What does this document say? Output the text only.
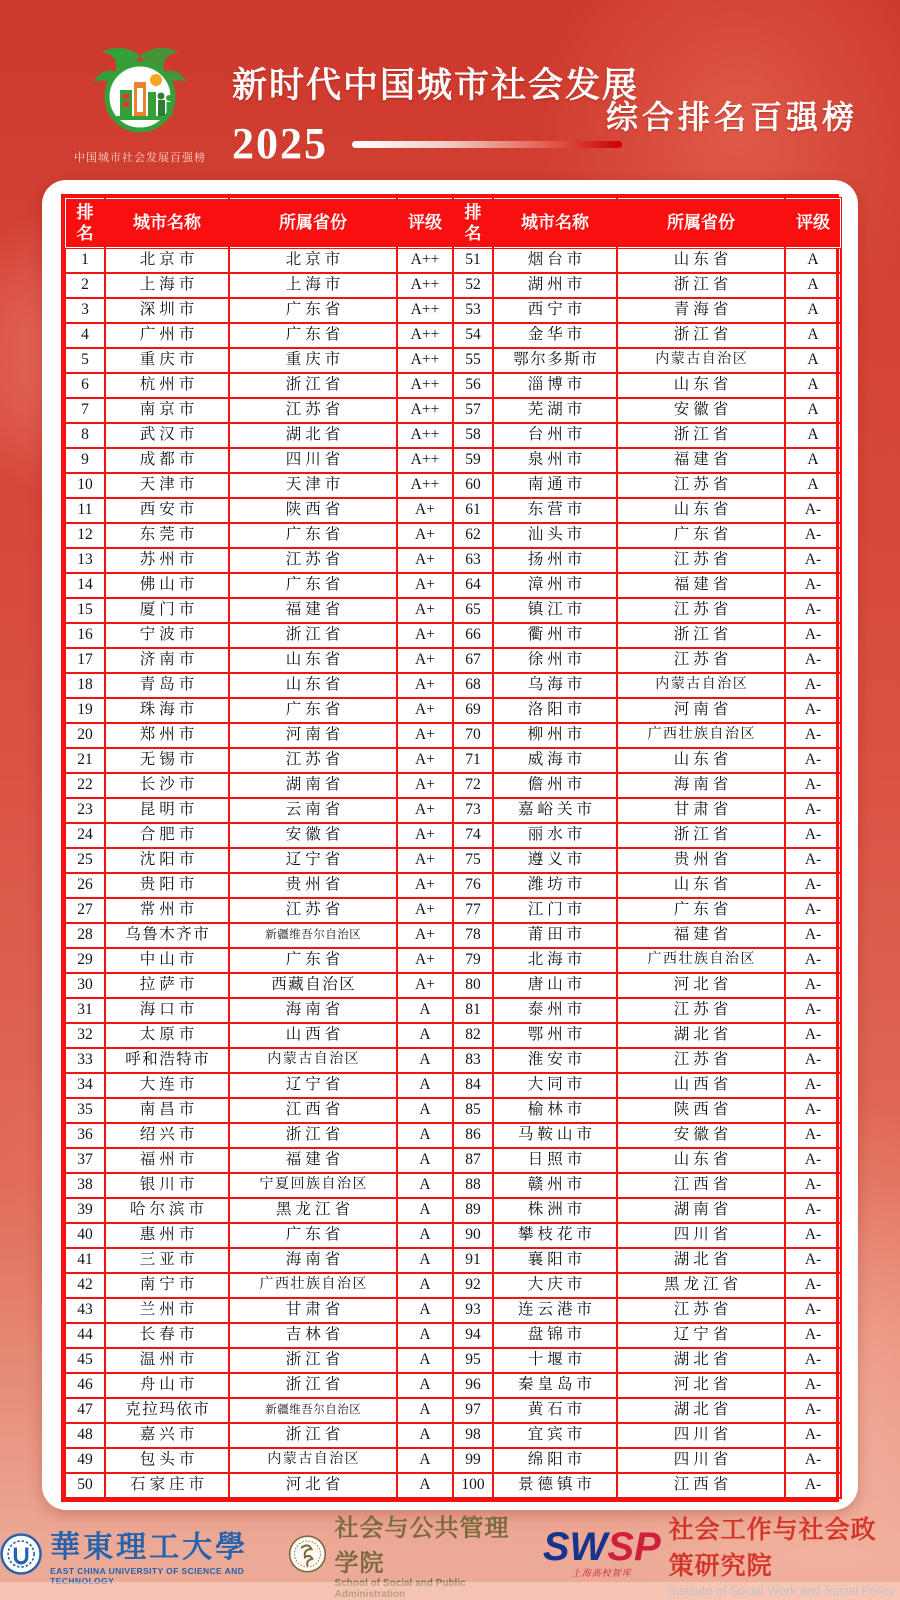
中国城市社会发展百强榜
新时代中国城市社会发展
2025
综合排名百强榜
排名	城市名称	所属省份	评级	排名	城市名称	所属省份	评级
1	北京市	北京市	A++	51	烟台市	山东省	A
2	上海市	上海市	A++	52	湖州市	浙江省	A
3	深圳市	广东省	A++	53	西宁市	青海省	A
4	广州市	广东省	A++	54	金华市	浙江省	A
5	重庆市	重庆市	A++	55	鄂尔多斯市	内蒙古自治区	A
6	杭州市	浙江省	A++	56	淄博市	山东省	A
7	南京市	江苏省	A++	57	芜湖市	安徽省	A
8	武汉市	湖北省	A++	58	台州市	浙江省	A
9	成都市	四川省	A++	59	泉州市	福建省	A
10	天津市	天津市	A++	60	南通市	江苏省	A
11	西安市	陕西省	A+	61	东营市	山东省	A-
12	东莞市	广东省	A+	62	汕头市	广东省	A-
13	苏州市	江苏省	A+	63	扬州市	江苏省	A-
14	佛山市	广东省	A+	64	漳州市	福建省	A-
15	厦门市	福建省	A+	65	镇江市	江苏省	A-
16	宁波市	浙江省	A+	66	衢州市	浙江省	A-
17	济南市	山东省	A+	67	徐州市	江苏省	A-
18	青岛市	山东省	A+	68	乌海市	内蒙古自治区	A-
19	珠海市	广东省	A+	69	洛阳市	河南省	A-
20	郑州市	河南省	A+	70	柳州市	广西壮族自治区	A-
21	无锡市	江苏省	A+	71	威海市	山东省	A-
22	长沙市	湖南省	A+	72	儋州市	海南省	A-
23	昆明市	云南省	A+	73	嘉峪关市	甘肃省	A-
24	合肥市	安徽省	A+	74	丽水市	浙江省	A-
25	沈阳市	辽宁省	A+	75	遵义市	贵州省	A-
26	贵阳市	贵州省	A+	76	潍坊市	山东省	A-
27	常州市	江苏省	A+	77	江门市	广东省	A-
28	乌鲁木齐市	新疆维吾尔自治区	A+	78	莆田市	福建省	A-
29	中山市	广东省	A+	79	北海市	广西壮族自治区	A-
30	拉萨市	西藏自治区	A+	80	唐山市	河北省	A-
31	海口市	海南省	A	81	泰州市	江苏省	A-
32	太原市	山西省	A	82	鄂州市	湖北省	A-
33	呼和浩特市	内蒙古自治区	A	83	淮安市	江苏省	A-
34	大连市	辽宁省	A	84	大同市	山西省	A-
35	南昌市	江西省	A	85	榆林市	陕西省	A-
36	绍兴市	浙江省	A	86	马鞍山市	安徽省	A-
37	福州市	福建省	A	87	日照市	山东省	A-
38	银川市	宁夏回族自治区	A	88	赣州市	江西省	A-
39	哈尔滨市	黑龙江省	A	89	株洲市	湖南省	A-
40	惠州市	广东省	A	90	攀枝花市	四川省	A-
41	三亚市	海南省	A	91	襄阳市	湖北省	A-
42	南宁市	广西壮族自治区	A	92	大庆市	黑龙江省	A-
43	兰州市	甘肃省	A	93	连云港市	江苏省	A-
44	长春市	吉林省	A	94	盘锦市	辽宁省	A-
45	温州市	浙江省	A	95	十堰市	湖北省	A-
46	舟山市	浙江省	A	96	秦皇岛市	河北省	A-
47	克拉玛依市	新疆维吾尔自治区	A	97	黄石市	湖北省	A-
48	嘉兴市	浙江省	A	98	宜宾市	四川省	A-
49	包头市	内蒙古自治区	A	99	绵阳市	四川省	A-
50	石家庄市	河北省	A	100	景德镇市	江西省	A-
華東理工大學
EAST CHINA UNIVERSITY OF SCIENCE AND TECHNOLOGY
社会与公共管理学院
School of Social and Public Administration
SWSP
上海高校智库
社会工作与社会政策研究院
Institute of Social Work and Social Policy
